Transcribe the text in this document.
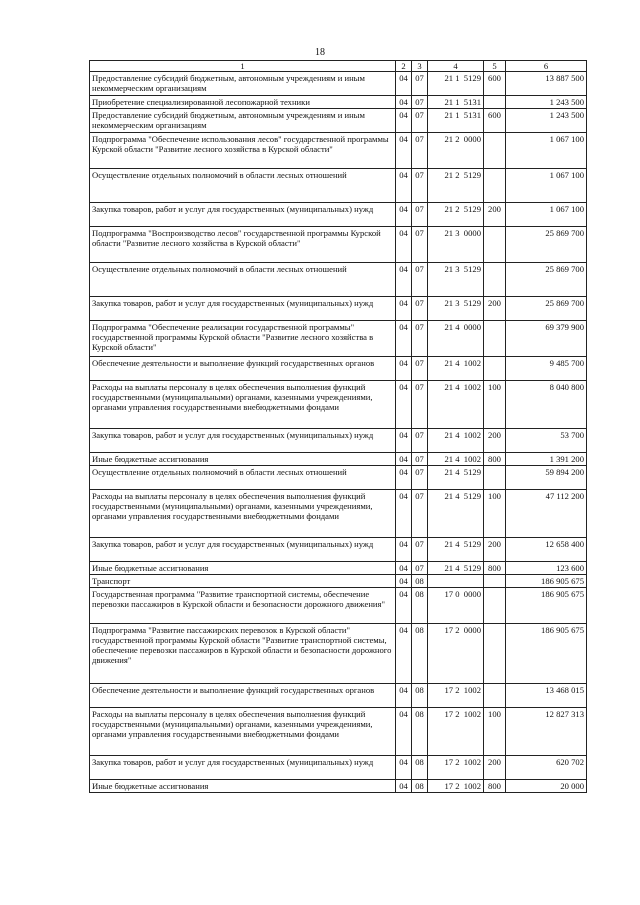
18
1	2	3	4	5	6
Предоставление субсидий бюджетным, автономным учреждениям и иным некоммерческим организациям	04	07	21 1  5129	600	13 887 500
Приобретение специализированной лесопожарной техники	04	07	21 1  5131		1 243 500
Предоставление субсидий бюджетным, автономным учреждениям и иным некоммерческим организациям	04	07	21 1  5131	600	1 243 500
Подпрограмма "Обеспечение использования лесов" государственной программы Курской области "Развитие лесного хозяйства в Курской области"	04	07	21 2  0000		1 067 100
Осуществление отдельных полномочий в области лесных отношений	04	07	21 2  5129		1 067 100
Закупка товаров, работ и услуг для государственных (муниципальных) нужд	04	07	21 2  5129	200	1 067 100
Подпрограмма "Воспроизводство лесов" государственной программы Курской области "Развитие лесного хозяйства в Курской области"	04	07	21 3  0000		25 869 700
Осуществление отдельных полномочий в области лесных отношений	04	07	21 3  5129		25 869 700
Закупка товаров, работ и услуг для государственных (муниципальных) нужд	04	07	21 3  5129	200	25 869 700
Подпрограмма "Обеспечение реализации государственной программы" государственной программы Курской области "Развитие лесного хозяйства в Курской области"	04	07	21 4  0000		69 379 900
Обеспечение деятельности и выполнение функций государственных органов	04	07	21 4  1002		9 485 700
Расходы на выплаты персоналу в целях обеспечения выполнения функций государственными (муниципальными) органами, казенными учреждениями, органами управления государственными внебюджетными фондами	04	07	21 4  1002	100	8 040 800
Закупка товаров, работ и услуг для государственных (муниципальных) нужд	04	07	21 4  1002	200	53 700
Иные бюджетные ассигнования	04	07	21 4  1002	800	1 391 200
Осуществление отдельных полномочий в области лесных отношений	04	07	21 4  5129		59 894 200
Расходы на выплаты персоналу в целях обеспечения выполнения функций государственными (муниципальными) органами, казенными учреждениями, органами управления государственными внебюджетными фондами	04	07	21 4  5129	100	47 112 200
Закупка товаров, работ и услуг для государственных (муниципальных) нужд	04	07	21 4  5129	200	12 658 400
Иные бюджетные ассигнования	04	07	21 4  5129	800	123 600
Транспорт	04	08			186 905 675
Государственная программа "Развитие транспортной системы, обеспечение перевозки пассажиров в Курской области и безопасности дорожного движения"	04	08	17 0  0000		186 905 675
Подпрограмма "Развитие пассажирских перевозок в Курской области" государственной программы Курской области "Развитие транспортной системы, обеспечение перевозки пассажиров в Курской области и безопасности дорожного движения"	04	08	17 2  0000		186 905 675
Обеспечение деятельности и выполнение функций государственных органов	04	08	17 2  1002		13 468 015
Расходы на выплаты персоналу в целях обеспечения выполнения функций государственными (муниципальными) органами, казенными учреждениями, органами управления государственными внебюджетными фондами	04	08	17 2  1002	100	12 827 313
Закупка товаров, работ и услуг для государственных (муниципальных) нужд	04	08	17 2  1002	200	620 702
Иные бюджетные ассигнования	04	08	17 2  1002	800	20 000
